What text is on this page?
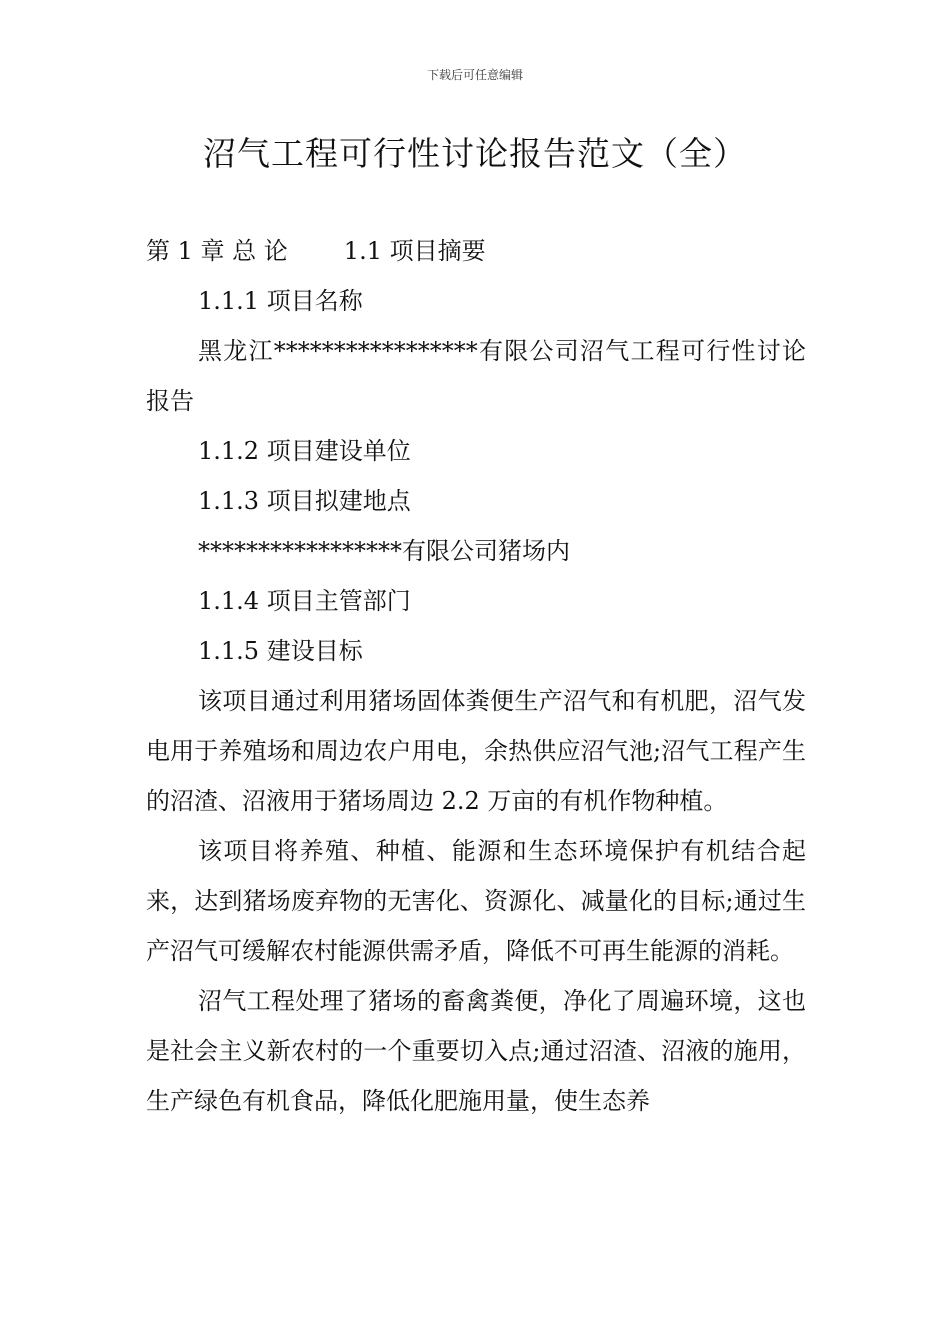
下载后可任意编辑
沼气工程可行性讨论报告范文（全）

第 1 章 总 论 1.1 项目摘要

1.1.1 项目名称

黑龙江*****************有限公司沼气工程可行性讨论报告

1.1.2 项目建设单位

1.1.3 项目拟建地点

*****************有限公司猪场内

1.1.4 项目主管部门

1.1.5 建设目标

该项目通过利用猪场固体粪便生产沼气和有机肥，沼气发电用于养殖场和周边农户用电，余热供应沼气池;沼气工程产生的沼渣、沼液用于猪场周边 2.2 万亩的有机作物种植。

该项目将养殖、种植、能源和生态环境保护有机结合起来，达到猪场废弃物的无害化、资源化、减量化的目标;通过生产沼气可缓解农村能源供需矛盾，降低不可再生能源的消耗。

沼气工程处理了猪场的畜禽粪便，净化了周遍环境，这也是社会主义新农村的一个重要切入点;通过沼渣、沼液的施用，生产绿色有机食品，降低化肥施用量，使生态养
